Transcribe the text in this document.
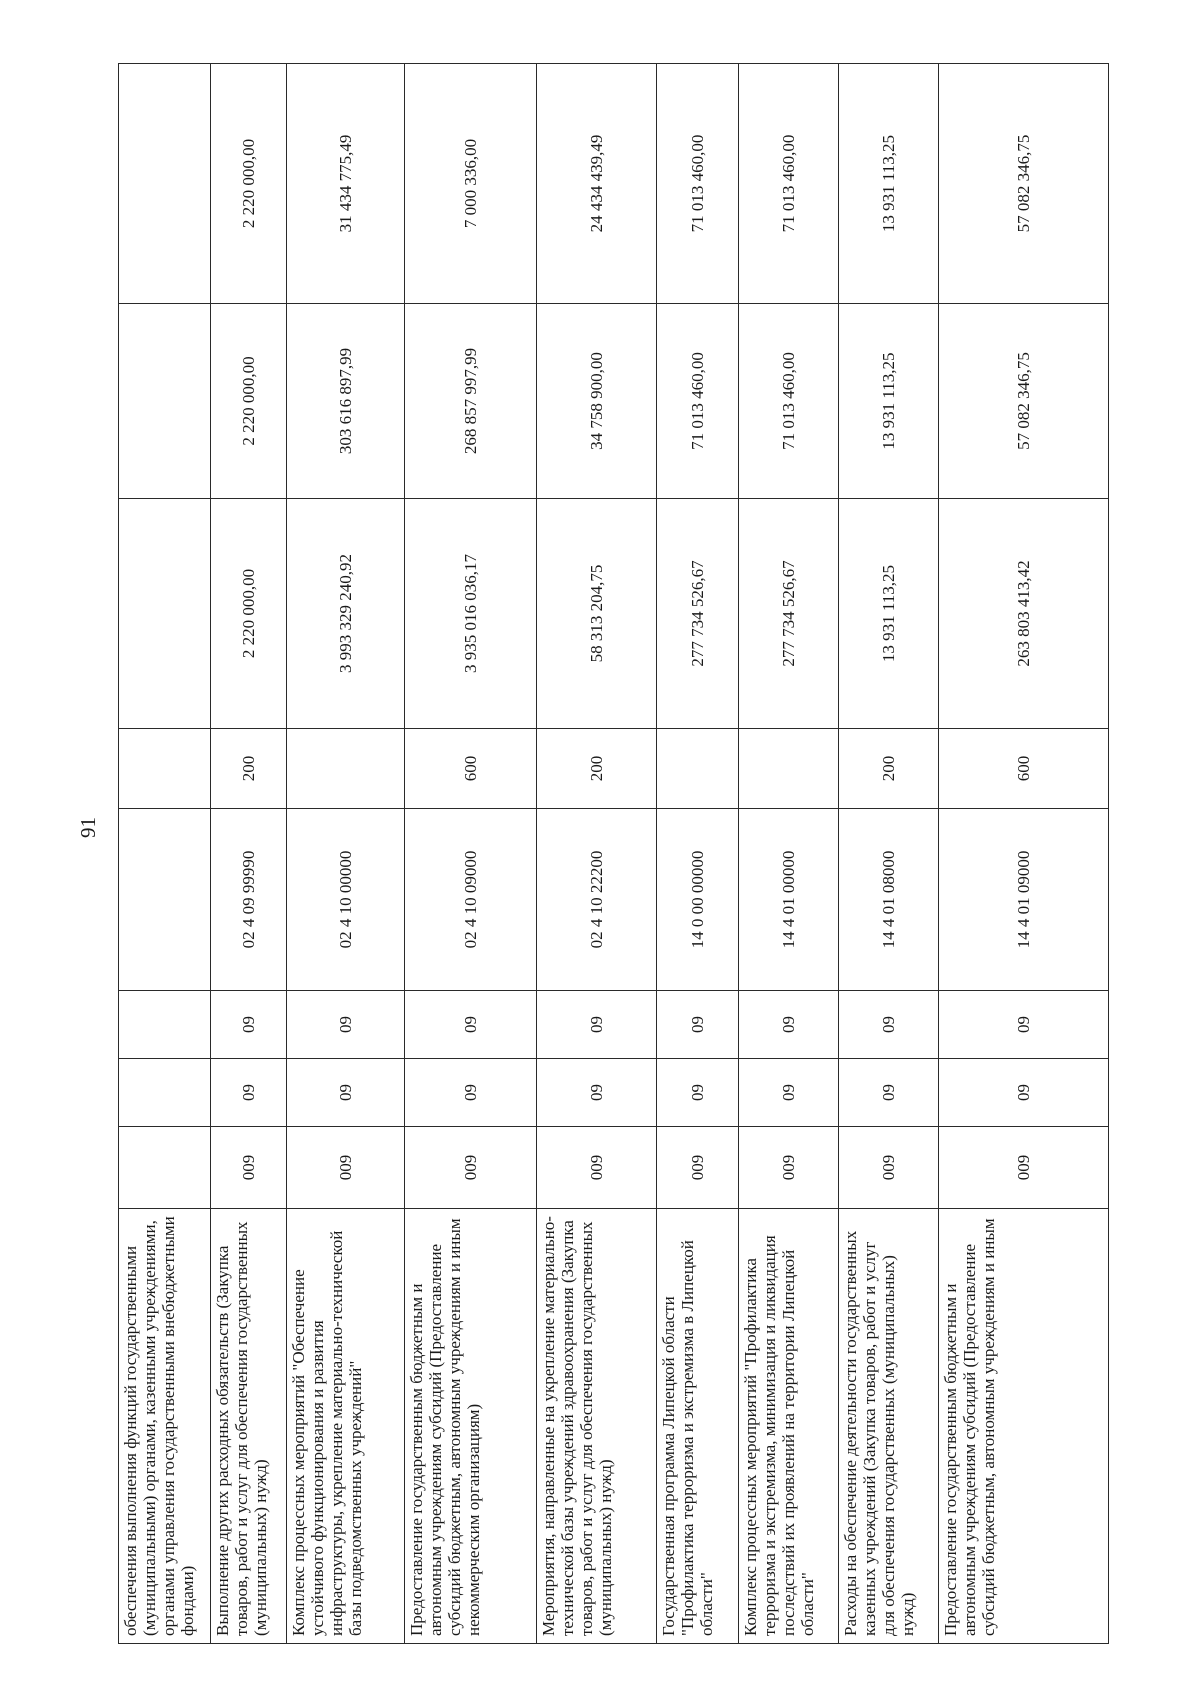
91
обеспечения выполнения функций государственными (муниципальными) органами, казенными учреждениями, органами управления государственными внебюджетными фондами)								
Выполнение других расходных обязательств (Закупка товаров, работ и услуг для обеспечения государственных (муниципальных) нужд)	009	09	09	02 4 09 99990	200	2 220 000,00	2 220 000,00	2 220 000,00
Комплекс процессных мероприятий "Обеспечение устойчивого функционирования и развития инфраструктуры, укрепление материально-технической базы подведомственных учреждений"	009	09	09	02 4 10 00000		3 993 329 240,92	303 616 897,99	31 434 775,49
Предоставление государственным бюджетным и автономным учреждениям субсидий (Предоставление субсидий бюджетным, автономным учреждениям и иным некоммерческим организациям)	009	09	09	02 4 10 09000	600	3 935 016 036,17	268 857 997,99	7 000 336,00
Мероприятия, направленные на укрепление материально-технической базы учреждений здравоохранения (Закупка товаров, работ и услуг для обеспечения государственных (муниципальных) нужд)	009	09	09	02 4 10 22200	200	58 313 204,75	34 758 900,00	24 434 439,49
Государственная программа Липецкой области "Профилактика терроризма и экстремизма в Липецкой области"	009	09	09	14 0 00 00000		277 734 526,67	71 013 460,00	71 013 460,00
Комплекс процессных мероприятий "Профилактика терроризма и экстремизма, минимизация и ликвидация последствий их проявлений на территории Липецкой области"	009	09	09	14 4 01 00000		277 734 526,67	71 013 460,00	71 013 460,00
Расходы на обеспечение деятельности государственных казенных учреждений (Закупка товаров, работ и услуг для обеспечения государственных (муниципальных) нужд)	009	09	09	14 4 01 08000	200	13 931 113,25	13 931 113,25	13 931 113,25
Предоставление государственным бюджетным и автономным учреждениям субсидий (Предоставление субсидий бюджетным, автономным учреждениям и иным	009	09	09	14 4 01 09000	600	263 803 413,42	57 082 346,75	57 082 346,75
